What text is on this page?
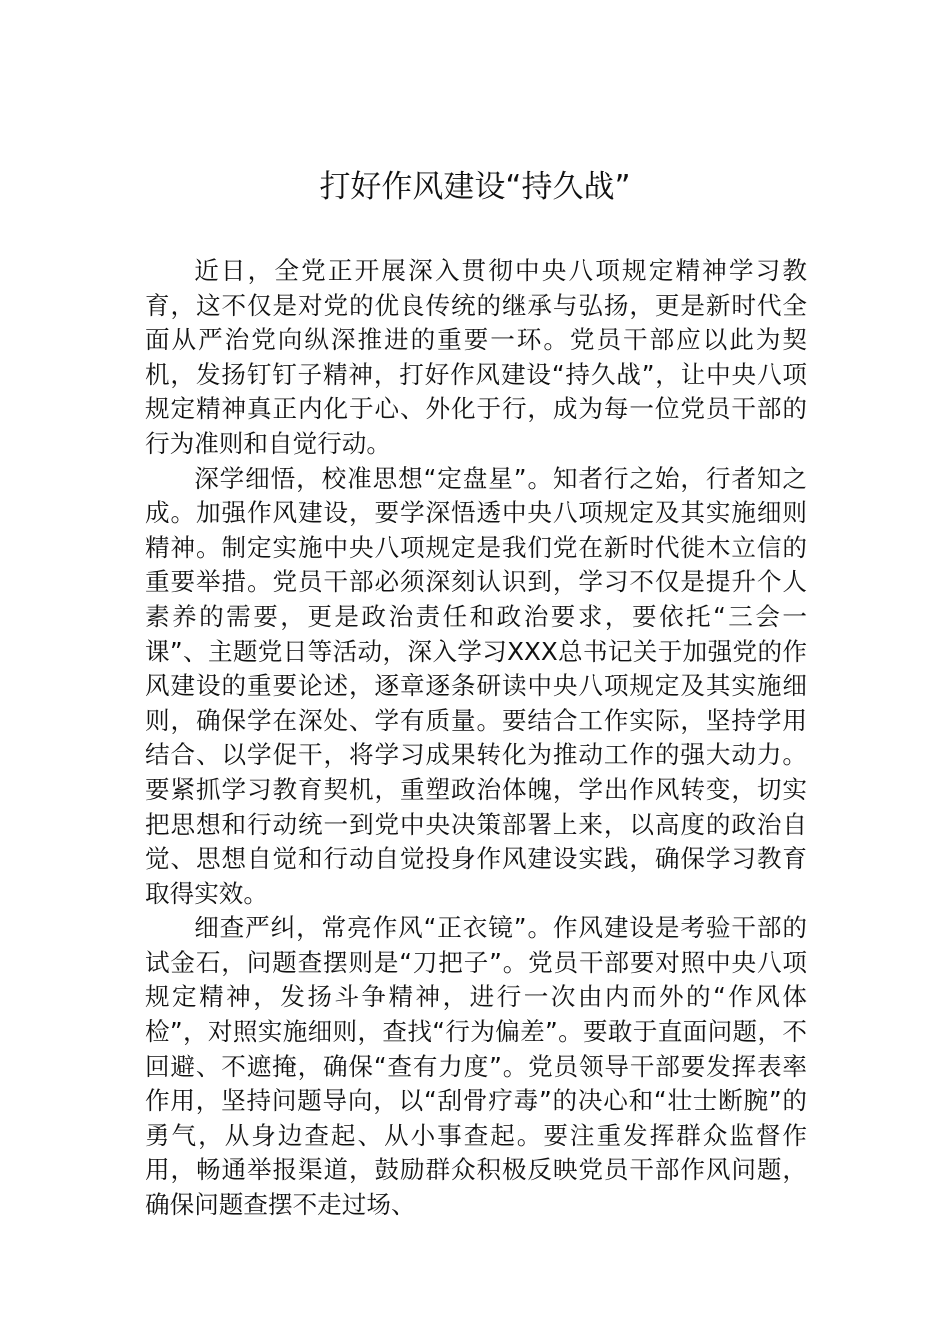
打好作风建设“持久战”

近日，全党正开展深入贯彻中央八项规定精神学习教育，这不仅是对党的优良传统的继承与弘扬，更是新时代全面从严治党向纵深推进的重要一环。党员干部应以此为契机，发扬钉钉子精神，打好作风建设“持久战”，让中央八项规定精神真正内化于心、外化于行，成为每一位党员干部的行为准则和自觉行动。

深学细悟，校准思想“定盘星”。知者行之始，行者知之成。加强作风建设，要学深悟透中央八项规定及其实施细则精神。制定实施中央八项规定是我们党在新时代徙木立信的重要举措。党员干部必须深刻认识到，学习不仅是提升个人素养的需要，更是政治责任和政治要求，要依托“三会一课”、主题党日等活动，深入学习XXX总书记关于加强党的作风建设的重要论述，逐章逐条研读中央八项规定及其实施细则，确保学在深处、学有质量。要结合工作实际，坚持学用结合、以学促干，将学习成果转化为推动工作的强大动力。要紧抓学习教育契机，重塑政治体魄，学出作风转变，切实把思想和行动统一到党中央决策部署上来，以高度的政治自觉、思想自觉和行动自觉投身作风建设实践，确保学习教育取得实效。

细查严纠，常亮作风“正衣镜”。作风建设是考验干部的试金石，问题查摆则是“刀把子”。党员干部要对照中央八项规定精神，发扬斗争精神，进行一次由内而外的“作风体检”，对照实施细则，查找“行为偏差”。要敢于直面问题，不回避、不遮掩，确保“查有力度”。党员领导干部要发挥表率作用，坚持问题导向，以“刮骨疗毒”的决心和“壮士断腕”的勇气，从身边查起、从小事查起。要注重发挥群众监督作用，畅通举报渠道，鼓励群众积极反映党员干部作风问题，确保问题查摆不走过场、
